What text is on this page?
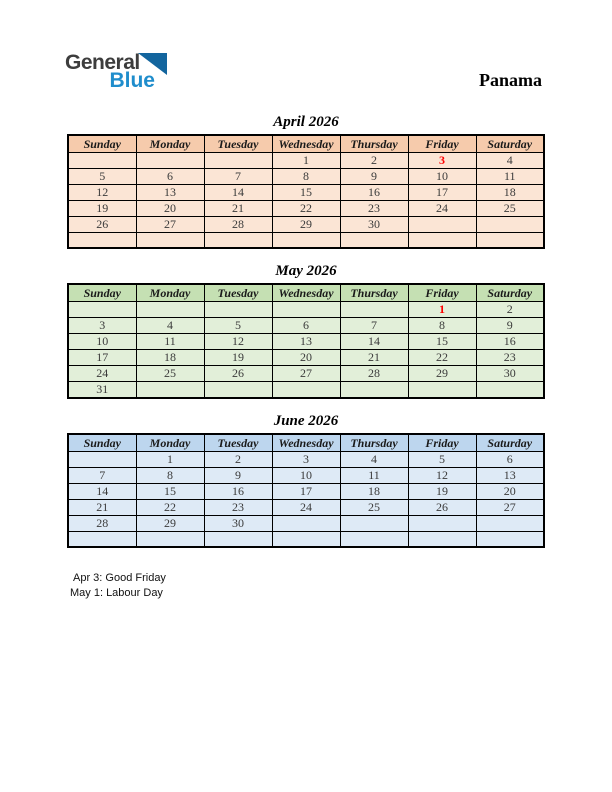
General
Blue	Panama
April 2026
Sunday	Monday	Tuesday	Wednesday	Thursday	Friday	Saturday
			1	2	3	4
5	6	7	8	9	10	11
12	13	14	15	16	17	18
19	20	21	22	23	24	25
26	27	28	29	30		

May 2026
Sunday	Monday	Tuesday	Wednesday	Thursday	Friday	Saturday
					1	2
3	4	5	6	7	8	9
10	11	12	13	14	15	16
17	18	19	20	21	22	23
24	25	26	27	28	29	30
31						
June 2026
Sunday	Monday	Tuesday	Wednesday	Thursday	Friday	Saturday
	1	2	3	4	5	6
7	8	9	10	11	12	13
14	15	16	17	18	19	20
21	22	23	24	25	26	27
28	29	30				

Apr 3: Good Friday
May 1: Labour Day
